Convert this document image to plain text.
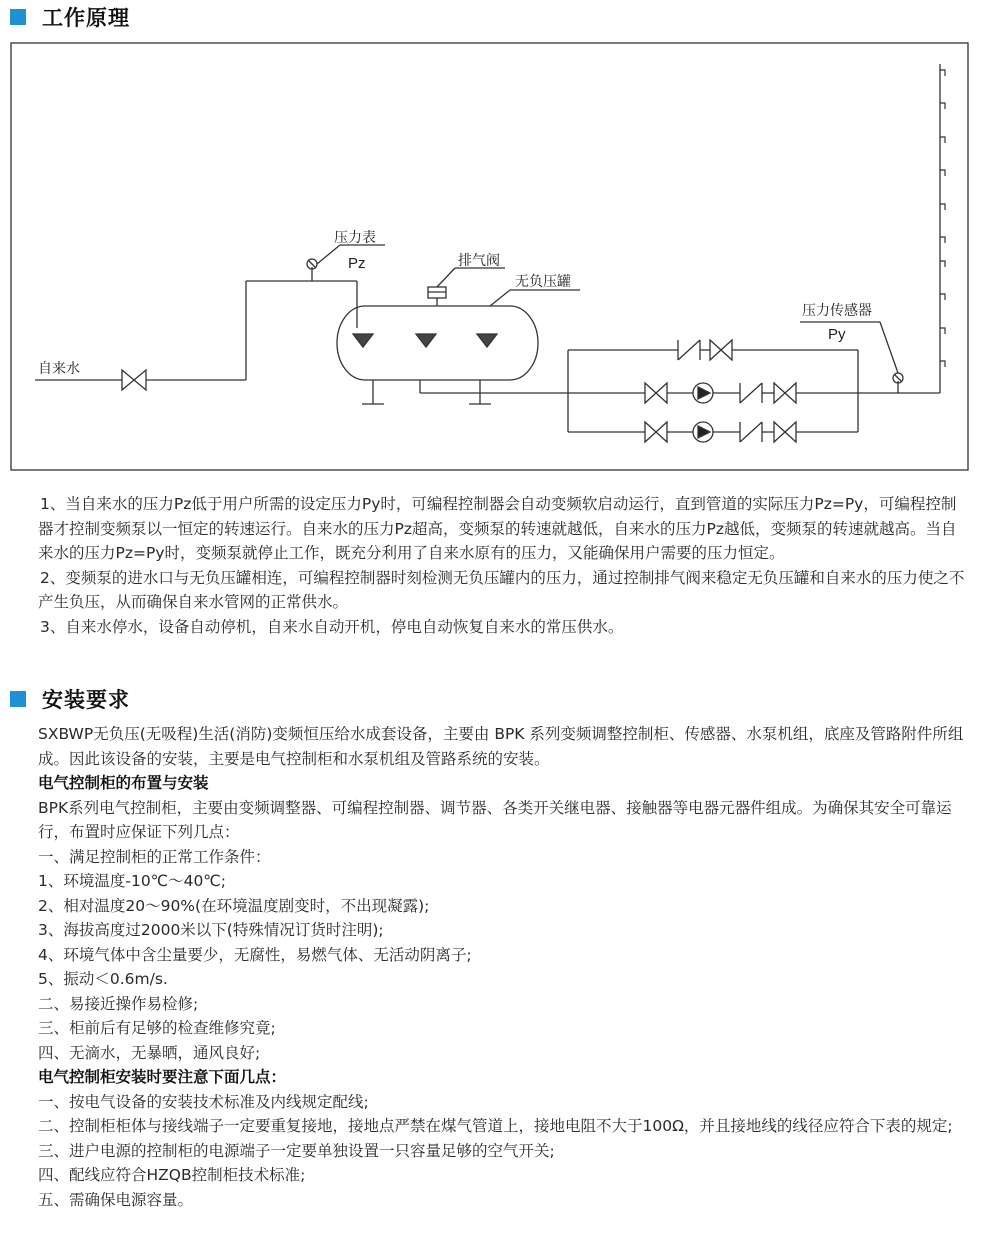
工作原理
压力表
Pz	排气阀
无负压罐
自来水
压力传感器
Py
1、当自来水的压力Pz低于用户所需的设定压力Py时，可编程控制器会自动变频软启动运行，直到管道的实际压力Pz=Py，可编程控制器才控制变频泵以一恒定的转速运行。自来水的压力Pz超高，变频泵的转速就越低，自来水的压力Pz越低，变频泵的转速就越高。当自来水的压力Pz=Py时，变频泵就停止工作，既充分利用了自来水原有的压力，又能确保用户需要的压力恒定。
2、变频泵的进水口与无负压罐相连，可编程控制器时刻检测无负压罐内的压力，通过控制排气阀来稳定无负压罐和自来水的压力使之不产生负压，从而确保自来水管网的正常供水。
3、自来水停水，设备自动停机，自来水自动开机，停电自动恢复自来水的常压供水。
安装要求
SXBWP无负压(无吸程)生活(消防)变频恒压给水成套设备，主要由 BPK 系列变频调整控制柜、传感器、水泵机组，底座及管路附件所组成。因此该设备的安装，主要是电气控制柜和水泵机组及管路系统的安装。
电气控制柜的布置与安装
BPK系列电气控制柜，主要由变频调整器、可编程控制器、调节器、各类开关继电器、接触器等电器元器件组成。为确保其安全可靠运行，布置时应保证下列几点：
一、满足控制柜的正常工作条件：
1、环境温度-10℃～40℃;
2、相对温度20～90%(在环境温度剧变时，不出现凝露);
3、海拔高度过2000米以下(特殊情况订货时注明);
4、环境气体中含尘量要少，无腐性，易燃气体、无活动阴离子;
5、振动＜0.6m/s.
二、易接近操作易检修;
三、柜前后有足够的检查维修究竟;
四、无滴水，无暴晒，通风良好;
电气控制柜安装时要注意下面几点：
一、按电气设备的安装技术标准及内线规定配线;
二、控制柜柜体与接线端子一定要重复接地，接地点严禁在煤气管道上，接地电阻不大于100Ω，并且接地线的线径应符合下表的规定;
三、进户电源的控制柜的电源端子一定要单独设置一只容量足够的空气开关;
四、配线应符合HZQB控制柜技术标准;
五、需确保电源容量。
